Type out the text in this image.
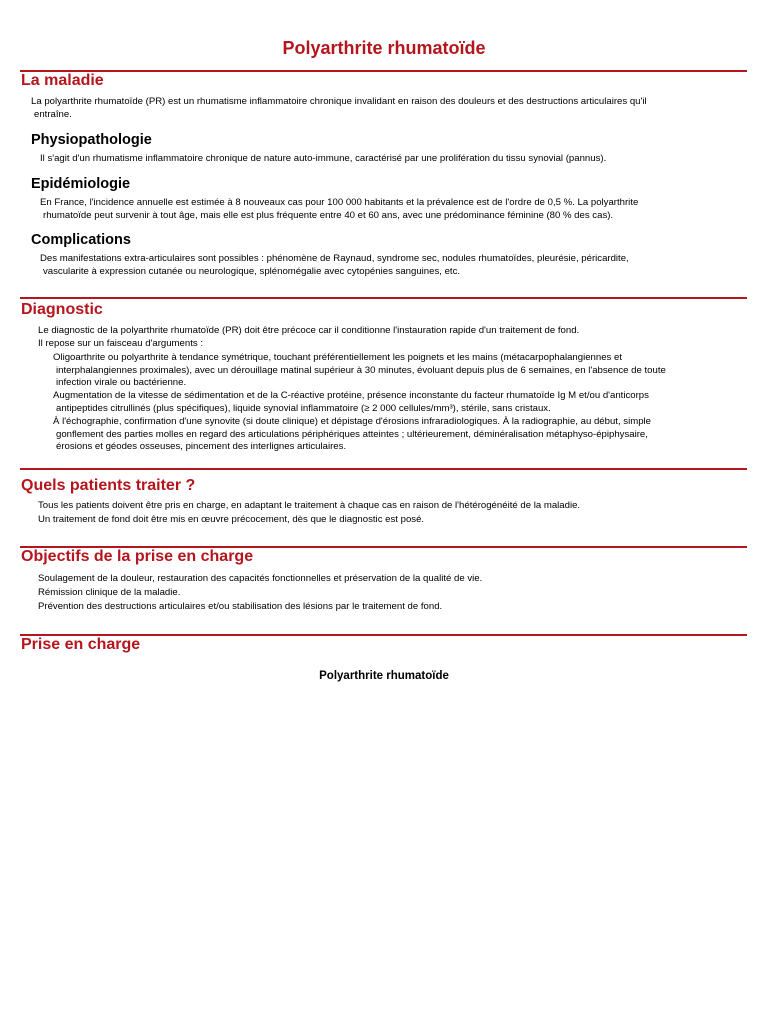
Polyarthrite rhumatoïde
La maladie
La polyarthrite rhumatoïde (PR) est un rhumatisme inflammatoire chronique invalidant en raison des douleurs et des destructions articulaires qu'il
entraîne.
Physiopathologie
Il s'agit d'un rhumatisme inflammatoire chronique de nature auto-immune, caractérisé par une prolifération du tissu synovial (pannus).
Epidémiologie
En France, l'incidence annuelle est estimée à 8 nouveaux cas pour 100 000 habitants et la prévalence est de l'ordre de 0,5 %. La polyarthrite
rhumatoïde peut survenir à tout âge, mais elle est plus fréquente entre 40 et 60 ans, avec une prédominance féminine (80 % des cas).
Complications
Des manifestations extra-articulaires sont possibles : phénomène de Raynaud, syndrome sec, nodules rhumatoïdes, pleurésie, péricardite,
vascularite à expression cutanée ou neurologique, splénomégalie avec cytopénies sanguines, etc.
Diagnostic
Le diagnostic de la polyarthrite rhumatoïde (PR) doit être précoce car il conditionne l'instauration rapide d'un traitement de fond.
Il repose sur un faisceau d'arguments :
Oligoarthrite ou polyarthrite à tendance symétrique, touchant préférentiellement les poignets et les mains (métacarpophalangiennes et
interphalangiennes proximales), avec un dérouillage matinal supérieur à 30 minutes, évoluant depuis plus de 6 semaines, en l'absence de toute
infection virale ou bactérienne.
Augmentation de la vitesse de sédimentation et de la C-réactive protéine, présence inconstante du facteur rhumatoïde Ig M et/ou d'anticorps
antipeptides citrullinés (plus spécifiques), liquide synovial inflammatoire (≥ 2 000 cellules/mm³), stérile, sans cristaux.
À l'échographie, confirmation d'une synovite (si doute clinique) et dépistage d'érosions infraradiologiques. À la radiographie, au début, simple
gonflement des parties molles en regard des articulations périphériques atteintes ; ultérieurement, déminéralisation métaphyso-épiphysaire,
érosions et géodes osseuses, pincement des interlignes articulaires.
Quels patients traiter ?
Tous les patients doivent être pris en charge, en adaptant le traitement à chaque cas en raison de l'hétérogénéité de la maladie.
Un traitement de fond doit être mis en œuvre précocement, dès que le diagnostic est posé.
Objectifs de la prise en charge
Soulagement de la douleur, restauration des capacités fonctionnelles et préservation de la qualité de vie.
Rémission clinique de la maladie.
Prévention des destructions articulaires et/ou stabilisation des lésions par le traitement de fond.
Prise en charge
Polyarthrite rhumatoïde
